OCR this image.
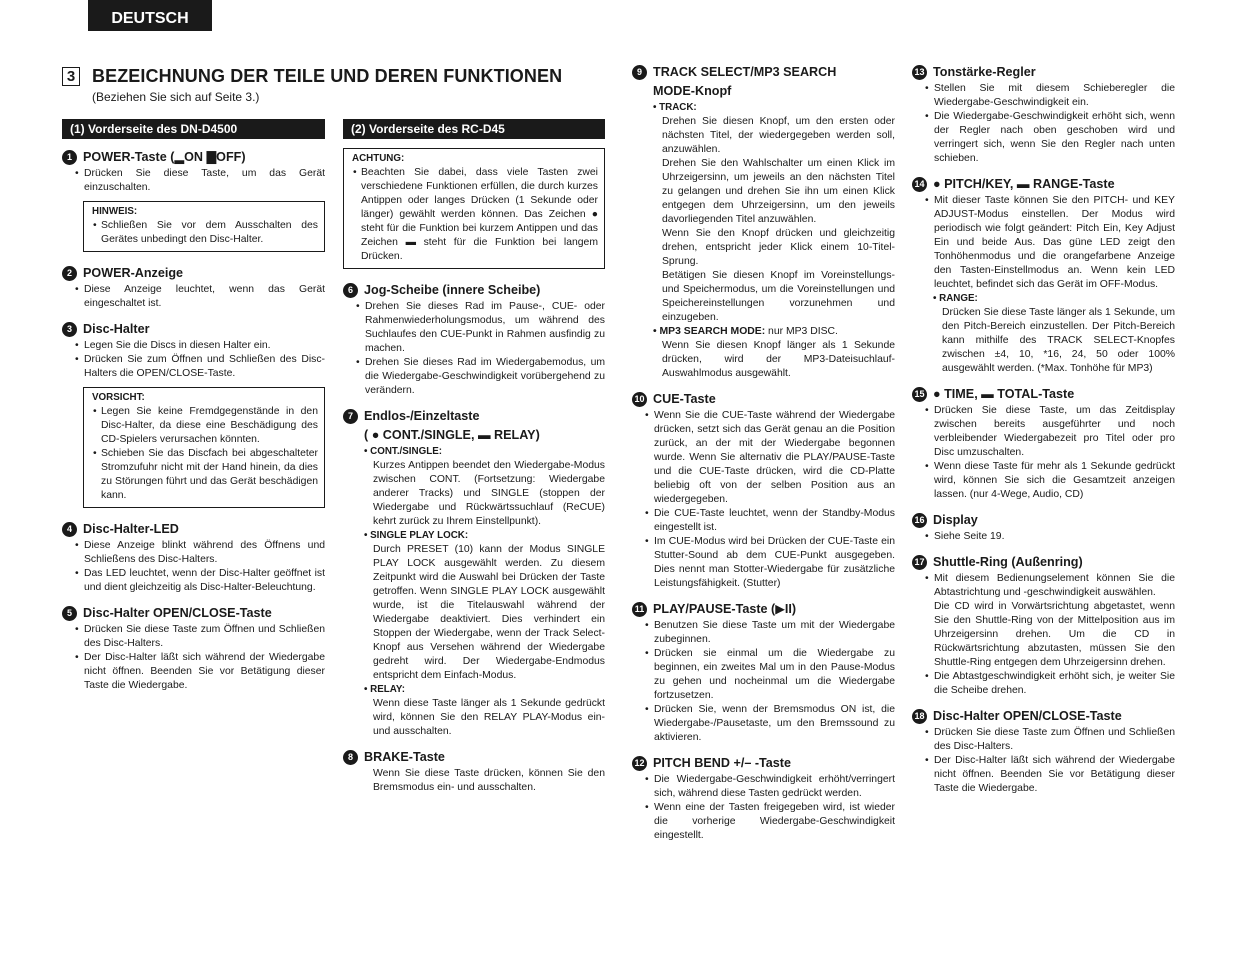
DEUTSCH
3 BEZEICHNUNG DER TEILE UND DEREN FUNKTIONEN
(Beziehen Sie sich auf Seite 3.)
(1) Vorderseite des DN-D4500
1 POWER-Taste (▂ON ▇OFF)
• Drücken Sie diese Taste, um das Gerät einzuschalten.
HINWEIS:
• Schließen Sie vor dem Ausschalten des Gerätes unbedingt den Disc-Halter.
2 POWER-Anzeige
• Diese Anzeige leuchtet, wenn das Gerät eingeschaltet ist.
3 Disc-Halter
• Legen Sie die Discs in diesen Halter ein.
• Drücken Sie zum Öffnen und Schließen des Disc-Halters die OPEN/CLOSE-Taste.
VORSICHT:
• Legen Sie keine Fremdgegenstände in den Disc-Halter, da diese eine Beschädigung des CD-Spielers verursachen könnten.
• Schieben Sie das Discfach bei abgeschalteter Stromzufuhr nicht mit der Hand hinein, da dies zu Störungen führt und das Gerät beschädigen kann.
4 Disc-Halter-LED
• Diese Anzeige blinkt während des Öffnens und Schließens des Disc-Halters.
• Das LED leuchtet, wenn der Disc-Halter geöffnet ist und dient gleichzeitig als Disc-Halter-Beleuchtung.
5 Disc-Halter OPEN/CLOSE-Taste
• Drücken Sie diese Taste zum Öffnen und Schließen des Disc-Halters.
• Der Disc-Halter läßt sich während der Wiedergabe nicht öffnen. Beenden Sie vor Betätigung dieser Taste die Wiedergabe.
(2) Vorderseite des RC-D45
ACHTUNG:
• Beachten Sie dabei, dass viele Tasten zwei verschiedene Funktionen erfüllen, die durch kurzes Antippen oder langes Drücken (1 Sekunde oder länger) gewählt werden können. Das Zeichen ● steht für die Funktion bei kurzem Antippen und das Zeichen ▬ steht für die Funktion bei langem Drücken.
6 Jog-Scheibe (innere Scheibe)
• Drehen Sie dieses Rad im Pause-, CUE- oder Rahmenwiederholungsmodus, um während des Suchlaufes den CUE-Punkt in Rahmen ausfindig zu machen.
• Drehen Sie dieses Rad im Wiedergabemodus, um die Wiedergabe-Geschwindigkeit vorübergehend zu verändern.
7 Endlos-/Einzeltaste
( ● CONT./SINGLE, ▬ RELAY)
• CONT./SINGLE:
Kurzes Antippen beendet den Wiedergabe-Modus zwischen CONT. (Fortsetzung: Wiedergabe anderer Tracks) und SINGLE (stoppen der Wiedergabe und Rückwärtssuchlauf (ReCUE) kehrt zurück zu Ihrem Einstellpunkt).
• SINGLE PLAY LOCK:
Durch PRESET (10) kann der Modus SINGLE PLAY LOCK ausgewählt werden. Zu diesem Zeitpunkt wird die Auswahl bei Drücken der Taste getroffen. Wenn SINGLE PLAY LOCK ausgewählt wurde, ist die Titelauswahl während der Wiedergabe deaktiviert. Dies verhindert ein Stoppen der Wiedergabe, wenn der Track Select-Knopf aus Versehen während der Wiedergabe gedreht wird. Der Wiedergabe-Endmodus entspricht dem Einfach-Modus.
• RELAY:
Wenn diese Taste länger als 1 Sekunde gedrückt wird, können Sie den RELAY PLAY-Modus ein- und ausschalten.
8 BRAKE-Taste
Wenn Sie diese Taste drücken, können Sie den Bremsmodus ein- und ausschalten.
9 TRACK SELECT/MP3 SEARCH
MODE-Knopf
• TRACK:
Drehen Sie diesen Knopf, um den ersten oder nächsten Titel, der wiedergegeben werden soll, anzuwählen.
Drehen Sie den Wahlschalter um einen Klick im Uhrzeigersinn, um jeweils an den nächsten Titel zu gelangen und drehen Sie ihn um einen Klick entgegen dem Uhrzeigersinn, um den jeweils davorliegenden Titel anzuwählen.
Wenn Sie den Knopf drücken und gleichzeitig drehen, entspricht jeder Klick einem 10-Titel-Sprung.
Betätigen Sie diesen Knopf im Voreinstellungs- und Speichermodus, um die Voreinstellungen und Speichereinstellungen vorzunehmen und einzugeben.
• MP3 SEARCH MODE: nur MP3 DISC.
Wenn Sie diesen Knopf länger als 1 Sekunde drücken, wird der MP3-Dateisuchlauf-Auswahlmodus ausgewählt.
10 CUE-Taste
• Wenn Sie die CUE-Taste während der Wiedergabe drücken, setzt sich das Gerät genau an die Position zurück, an der mit der Wiedergabe begonnen wurde. Wenn Sie alternativ die PLAY/PAUSE-Taste und die CUE-Taste drücken, wird die CD-Platte beliebig oft von der selben Position aus an wiedergegeben.
• Die CUE-Taste leuchtet, wenn der Standby-Modus eingestellt ist.
• Im CUE-Modus wird bei Drücken der CUE-Taste ein Stutter-Sound ab dem CUE-Punkt ausgegeben. Dies nennt man Stotter-Wiedergabe für zusätzliche Leistungsfähigkeit. (Stutter)
11 PLAY/PAUSE-Taste (▶II)
• Benutzen Sie diese Taste um mit der Wiedergabe zubeginnen.
• Drücken sie einmal um die Wiedergabe zu beginnen, ein zweites Mal um in den Pause-Modus zu gehen und nocheinmal um die Wiedergabe fortzusetzen.
• Drücken Sie, wenn der Bremsmodus ON ist, die Wiedergabe-/Pausetaste, um den Bremssound zu aktivieren.
12 PITCH BEND +/– -Taste
• Die Wiedergabe-Geschwindigkeit erhöht/verringert sich, während diese Tasten gedrückt werden.
• Wenn eine der Tasten freigegeben wird, ist wieder die vorherige Wiedergabe-Geschwindigkeit eingestellt.
13 Tonstärke-Regler
• Stellen Sie mit diesem Schieberegler die Wiedergabe-Geschwindigkeit ein.
• Die Wiedergabe-Geschwindigkeit erhöht sich, wenn der Regler nach oben geschoben wird und verringert sich, wenn Sie den Regler nach unten schieben.
14 ● PITCH/KEY, ▬ RANGE-Taste
• Mit dieser Taste können Sie den PITCH- und KEY ADJUST-Modus einstellen. Der Modus wird periodisch wie folgt geändert: Pitch Ein, Key Adjust Ein und beide Aus. Das güne LED zeigt den Tonhöhenmodus und die orangefarbene Anzeige den Tasten-Einstellmodus an. Wenn kein LED leuchtet, befindet sich das Gerät im OFF-Modus.
• RANGE:
Drücken Sie diese Taste länger als 1 Sekunde, um den Pitch-Bereich einzustellen. Der Pitch-Bereich kann mithilfe des TRACK SELECT-Knopfes zwischen ±4, 10, *16, 24, 50 oder 100% ausgewählt werden. (*Max. Tonhöhe für MP3)
15 ● TIME, ▬ TOTAL-Taste
• Drücken Sie diese Taste, um das Zeitdisplay zwischen bereits ausgeführter und noch verbleibender Wiedergabezeit pro Titel oder pro Disc umzuschalten.
• Wenn diese Taste für mehr als 1 Sekunde gedrückt wird, können Sie sich die Gesamtzeit anzeigen lassen. (nur 4-Wege, Audio, CD)
16 Display
• Siehe Seite 19.
17 Shuttle-Ring (Außenring)
• Mit diesem Bedienungselement können Sie die Abtastrichtung und -geschwindigkeit auswählen.
Die CD wird in Vorwärtsrichtung abgetastet, wenn Sie den Shuttle-Ring von der Mittelposition aus im Uhrzeigersinn drehen. Um die CD in Rückwärtsrichtung abzutasten, müssen Sie den Shuttle-Ring entgegen dem Uhrzeigersinn drehen.
• Die Abtastgeschwindigkeit erhöht sich, je weiter Sie die Scheibe drehen.
18 Disc-Halter OPEN/CLOSE-Taste
• Drücken Sie diese Taste zum Öffnen und Schließen des Disc-Halters.
• Der Disc-Halter läßt sich während der Wiedergabe nicht öffnen. Beenden Sie vor Betätigung dieser Taste die Wiedergabe.
